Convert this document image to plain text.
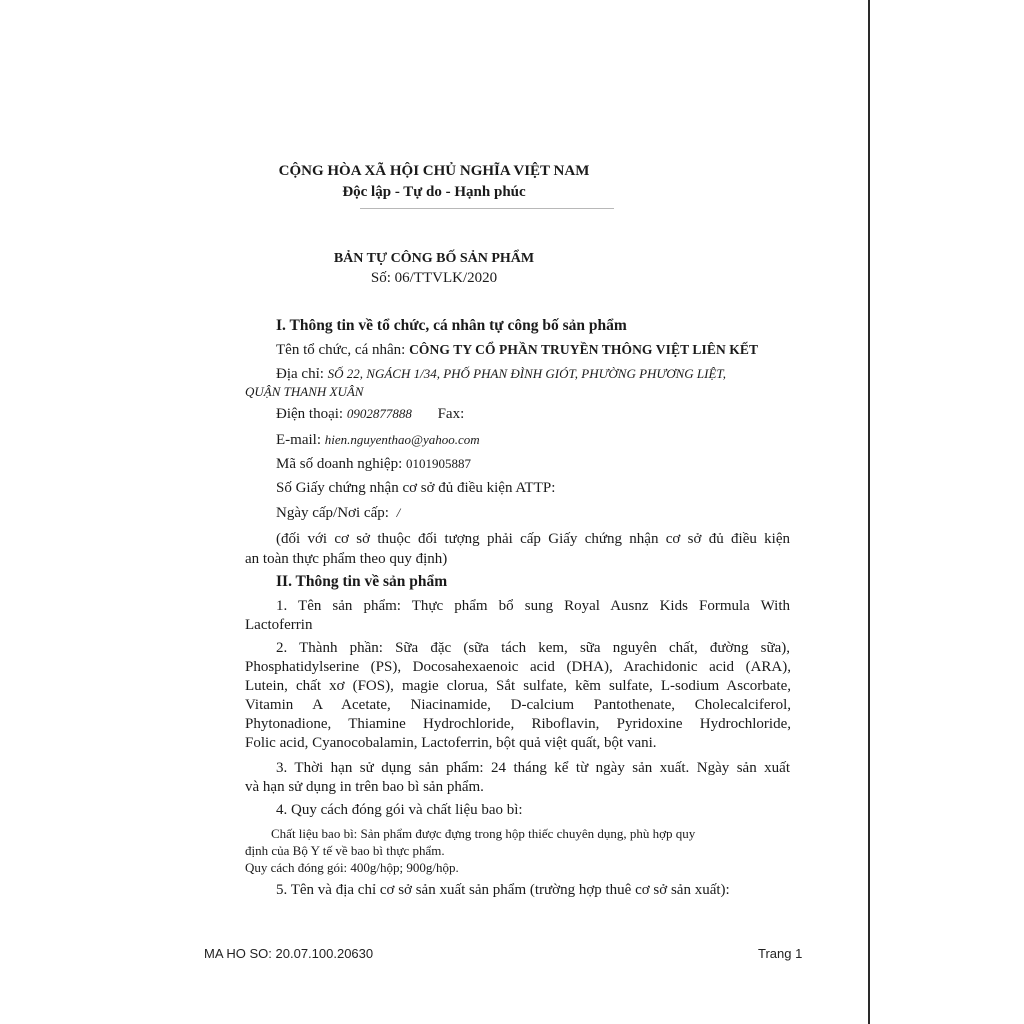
CỘNG HÒA XÃ HỘI CHỦ NGHĨA VIỆT NAM
Độc lập - Tự do - Hạnh phúc
BẢN TỰ CÔNG BỐ SẢN PHẨM
Số: 06/TTVLK/2020
I. Thông tin về tổ chức, cá nhân tự công bố sản phẩm
Tên tổ chức, cá nhân: CÔNG TY CỔ PHẦN TRUYỀN THÔNG VIỆT LIÊN KẾT
Địa chỉ: SỐ 22, NGÁCH 1/34, PHỐ PHAN ĐÌNH GIÓT, PHƯỜNG PHƯƠNG LIỆT,
QUẬN THANH XUÂN
Điện thoại: 0902877888 Fax:
E-mail: hien.nguyenthao@yahoo.com
Mã số doanh nghiệp: 0101905887
Số Giấy chứng nhận cơ sở đủ điều kiện ATTP:
Ngày cấp/Nơi cấp: /
(đối với cơ sở thuộc đối tượng phải cấp Giấy chứng nhận cơ sở đủ điều kiện
an toàn thực phẩm theo quy định)
II. Thông tin về sản phẩm
1. Tên sản phẩm: Thực phẩm bổ sung Royal Ausnz Kids Formula With
Lactoferrin
2. Thành phần: Sữa đặc (sữa tách kem, sữa nguyên chất, đường sữa),
Phosphatidylserine (PS), Docosahexaenoic acid (DHA), Arachidonic acid (ARA),
Lutein, chất xơ (FOS), magie clorua, Sắt sulfate, kẽm sulfate, L-sodium Ascorbate,
Vitamin A Acetate, Niacinamide, D-calcium Pantothenate, Cholecalciferol,
Phytonadione, Thiamine Hydrochloride, Riboflavin, Pyridoxine Hydrochloride,
Folic acid, Cyanocobalamin, Lactoferrin, bột quả việt quất, bột vani.
3. Thời hạn sử dụng sản phẩm: 24 tháng kể từ ngày sản xuất. Ngày sản xuất
và hạn sử dụng in trên bao bì sản phẩm.
4. Quy cách đóng gói và chất liệu bao bì:
Chất liệu bao bì: Sản phẩm được đựng trong hộp thiếc chuyên dụng, phù hợp quy
định của Bộ Y tế về bao bì thực phẩm.
Quy cách đóng gói: 400g/hộp; 900g/hộp.
5. Tên và địa chỉ cơ sở sản xuất sản phẩm (trường hợp thuê cơ sở sản xuất):
MA HO SO: 20.07.100.20630	Trang 1
